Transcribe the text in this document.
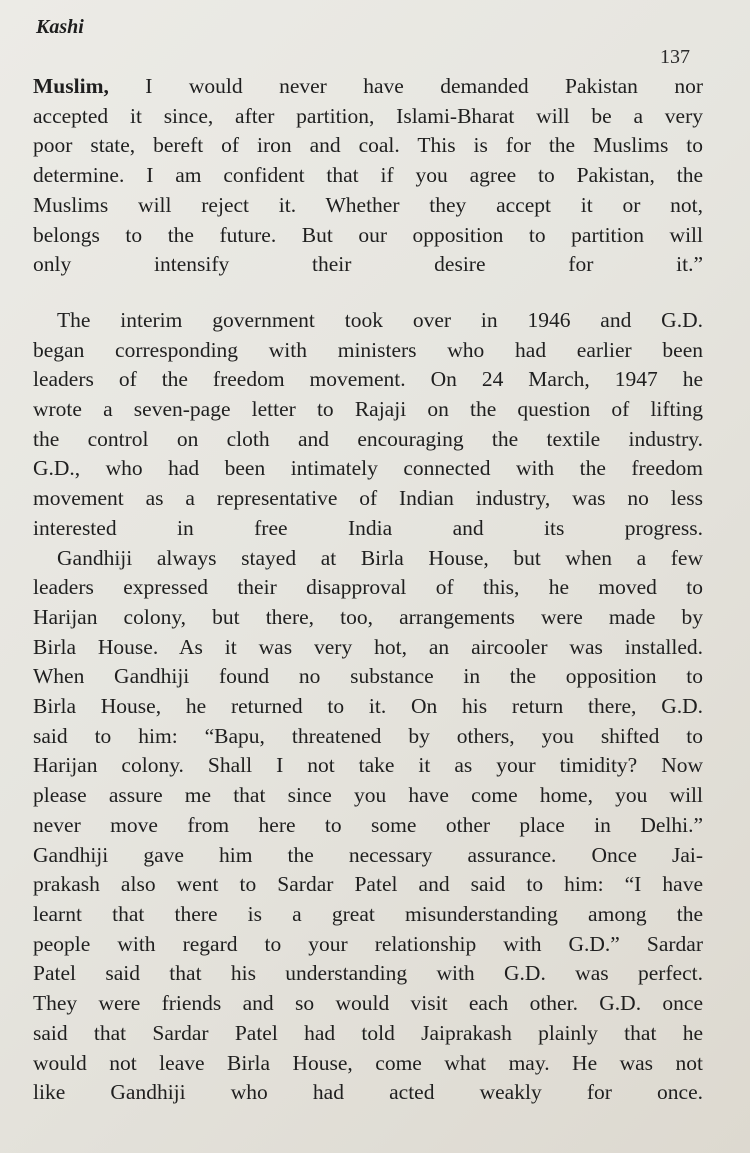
Kashi
137

Muslim, I would never have demanded Pakistan nor
accepted it since, after partition, Islami-Bharat will be a very
poor state, bereft of iron and coal. This is for the Muslims to
determine. I am confident that if you agree to Pakistan, the
Muslims will reject it. Whether they accept it or not,
belongs to the future. But our opposition to partition will
only intensify their desire for it.”

The interim government took over in 1946 and G.D.
began corresponding with ministers who had earlier been
leaders of the freedom movement. On 24 March, 1947 he
wrote a seven-page letter to Rajaji on the question of lifting
the control on cloth and encouraging the textile industry.
G.D., who had been intimately connected with the freedom
movement as a representative of Indian industry, was no less
interested in free India and its progress.

Gandhiji always stayed at Birla House, but when a few
leaders expressed their disapproval of this, he moved to
Harijan colony, but there, too, arrangements were made by
Birla House. As it was very hot, an aircooler was installed.
When Gandhiji found no substance in the opposition to
Birla House, he returned to it. On his return there, G.D.
said to him: “Bapu, threatened by others, you shifted to
Harijan colony. Shall I not take it as your timidity? Now
please assure me that since you have come home, you will
never move from here to some other place in Delhi.”
Gandhiji gave him the necessary assurance. Once Jai-
prakash also went to Sardar Patel and said to him: “I have
learnt that there is a great misunderstanding among the
people with regard to your relationship with G.D.” Sardar
Patel said that his understanding with G.D. was perfect.
They were friends and so would visit each other. G.D. once
said that Sardar Patel had told Jaiprakash plainly that he
would not leave Birla House, come what may. He was not
like Gandhiji who had acted weakly for once.
